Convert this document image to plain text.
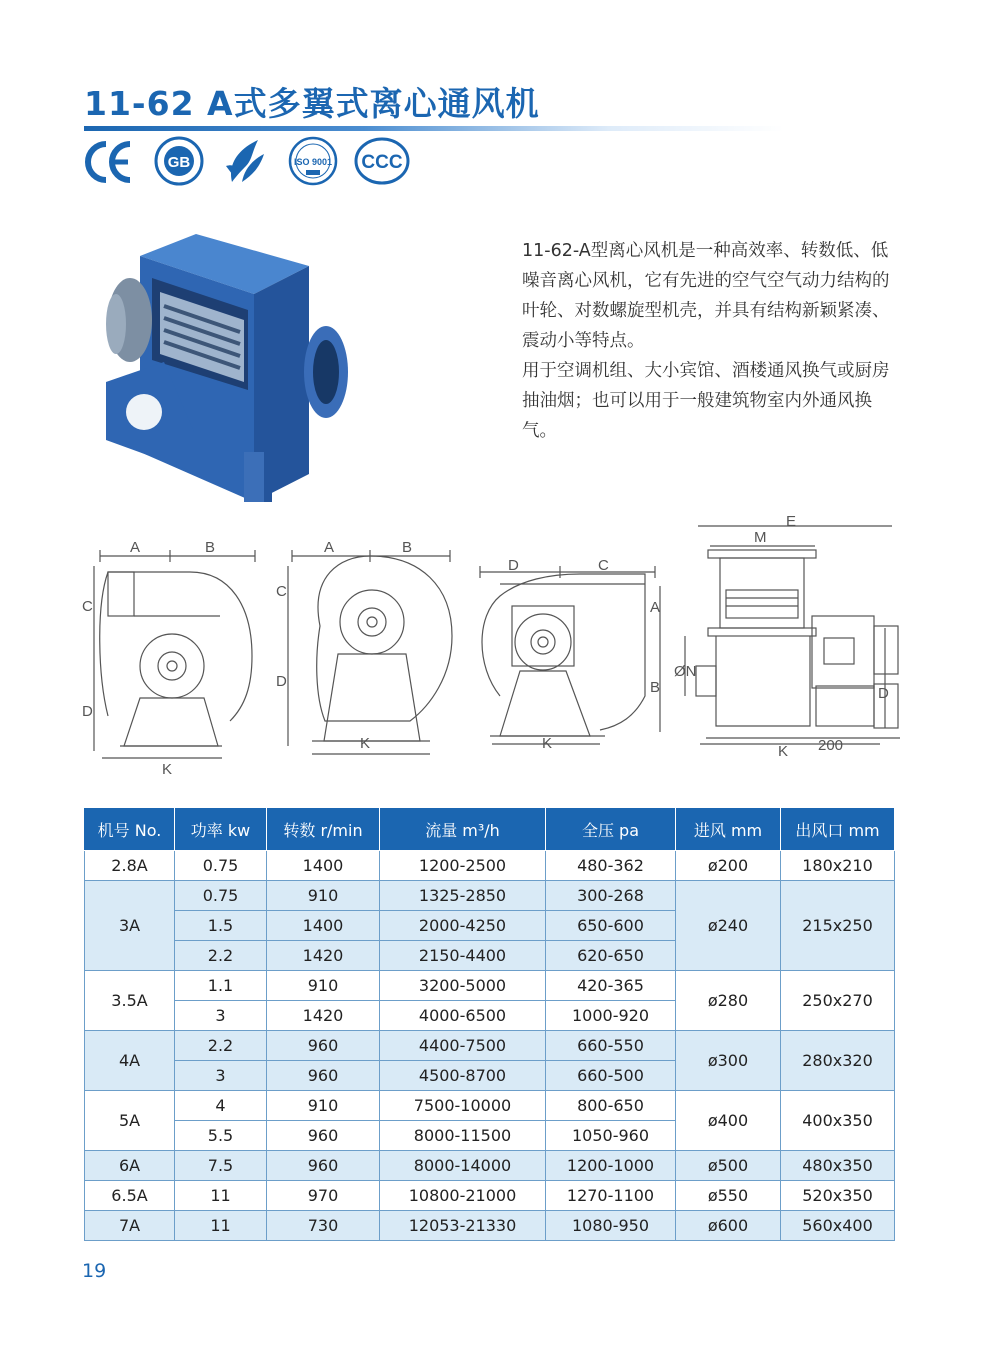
11-62 A式多翼式离心通风机
GB	ISO 9001 CCC

11-62-A型离心风机是一种高效率、转数低、低噪音离心风机，它有先进的空气空气动力结构的叶轮、对数螺旋型机壳，并具有结构新颖紧凑、震动小等特点。

用于空调机组、大小宾馆、酒楼通风换气或厨房抽油烟；也可以用于一般建筑物室内外通风换气。

A	B
C
D
K
A	B
C
D
K
D	C
A
B
K
E
M
ØN
D
K 200
机号 No.	功率 kw	转数 r/min	流量 m³/h	全压 pa	进风 mm	出风口 mm
2.8A	0.75	1400	1200-2500	480-362	ø200	180x210
3A	0.75	910	1325-2850	300-268	ø240	215x250
	1.5	1400	2000-4250	650-600		
	2.2	1420	2150-4400	620-650		
3.5A	1.1	910	3200-5000	420-365	ø280	250x270
	3	1420	4000-6500	1000-920		
4A	2.2	960	4400-7500	660-550	ø300	280x320
	3	960	4500-8700	660-500		
5A	4	910	7500-10000	800-650	ø400	400x350
	5.5	960	8000-11500	1050-960		
6A	7.5	960	8000-14000	1200-1000	ø500	480x350
6.5A	11	970	10800-21000	1270-1100	ø550	520x350
7A	11	730	12053-21330	1080-950	ø600	560x400
19
